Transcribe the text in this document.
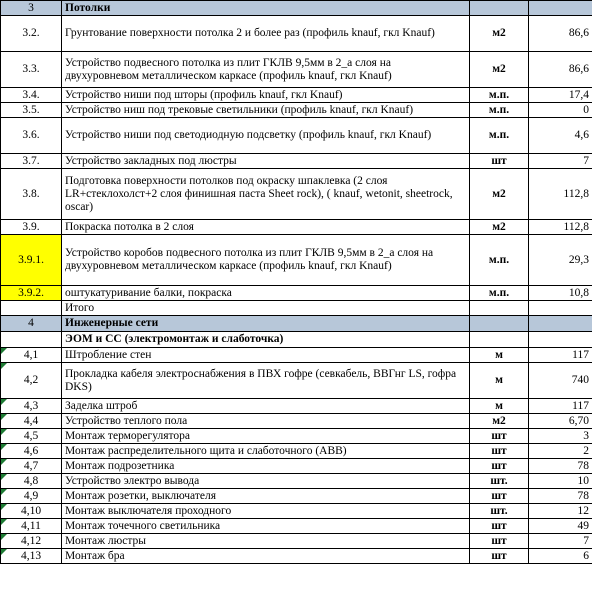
3	Потолки		
3.2.	Грунтование поверхности потолка 2 и более раз (профиль knauf, гкл Knauf)	м2	86,6
3.3.	Устройство подвесного потолка из плит ГКЛВ 9,5мм в 2_а слоя на двухуровневом металлическом каркасе (профиль knauf, гкл Knauf)	м2	86,6
3.4.	Устройство ниши под шторы (профиль knauf, гкл Knauf)	м.п.	17,4
3.5.	Устройство ниш под трековые светильники (профиль knauf, гкл Knauf)	м.п.	0
3.6.	Устройство ниши под светодиодную подсветку (профиль knauf, гкл Knauf)	м.п.	4,6
3.7.	Устройство закладных под люстры	шт	7
3.8.	Подготовка поверхности потолков под окраску шпаклевка (2 слоя LR+стеклохолст+2 слоя финишная паста Sheet rock), ( knauf, wetonit, sheetrock, oscar)	м2	112,8
3.9.	Покраска потолка в 2 слоя	м2	112,8
3.9.1.	Устройство коробов подвесного потолка из плит ГКЛВ 9,5мм в 2_а слоя на двухуровневом металлическом каркасе (профиль knauf, гкл Knauf)	м.п.	29,3
3.9.2.	оштукатуривание балки, покраска	м.п.	10,8
	Итого		
4	Инженерные сети		
	ЭОМ и СС (электромонтаж и слаботочка)		

4,1	Штробление стен	м	117

4,2	Прокладка кабеля электроснабжения в ПВХ гофре (севкабель, ВВГнг LS, гофра DKS)	м	740

4,3	Заделка штроб	м	117

4,4	Устройство теплого пола	м2	6,70

4,5	Монтаж терморегулятора	шт	3

4,6	Монтаж распределительного щита и слаботочного (ABB)	шт	2

4,7	Монтаж подрозетника	шт	78

4,8	Устройство электро вывода	шт.	10

4,9	Монтаж розетки, выключателя	шт	78

4,10	Монтаж выключателя проходного	шт.	12

4,11	Монтаж точечного светильника	шт	49

4,12	Монтаж люстры	шт	7

4,13	Монтаж бра	шт	6
